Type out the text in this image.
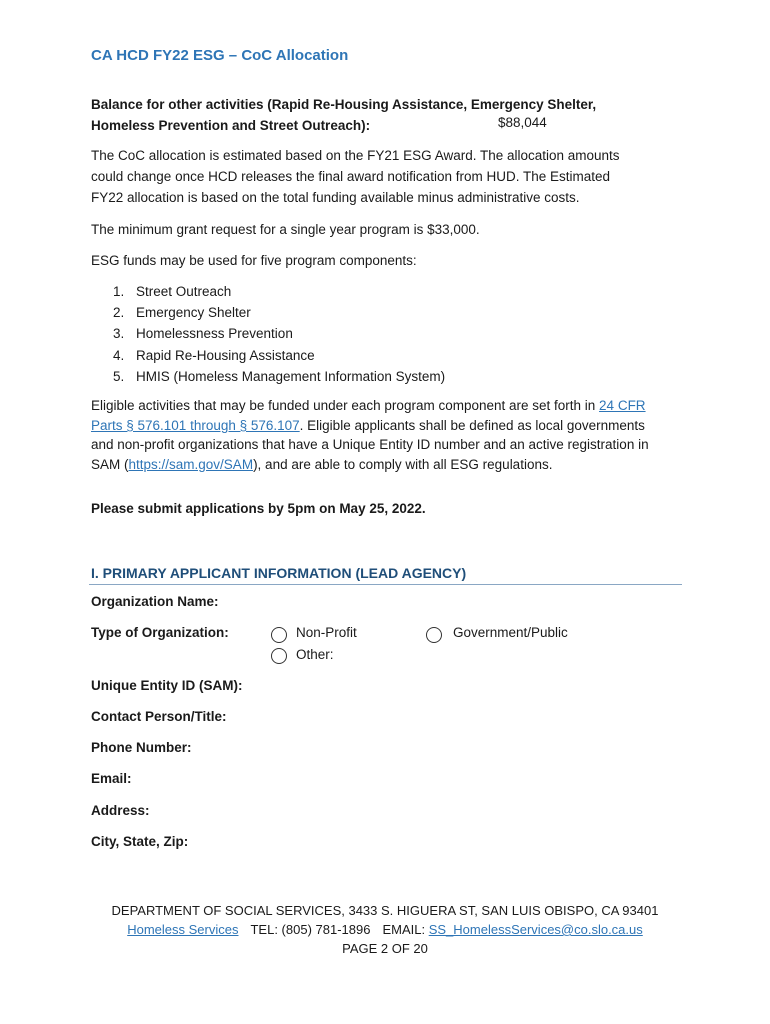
CA HCD FY22 ESG – CoC Allocation
Balance for other activities (Rapid Re-Housing Assistance, Emergency Shelter,
Homeless Prevention and Street Outreach):	$88,044
The CoC allocation is estimated based on the FY21 ESG Award. The allocation amounts
could change once HCD releases the final award notification from HUD. The Estimated
FY22 allocation is based on the total funding available minus administrative costs.
The minimum grant request for a single year program is $33,000.
ESG funds may be used for five program components:
1. Street Outreach
2. Emergency Shelter
3. Homelessness Prevention
4. Rapid Re-Housing Assistance
5. HMIS (Homeless Management Information System)
Eligible activities that may be funded under each program component are set forth in 24 CFR Parts § 576.101 through § 576.107. Eligible applicants shall be defined as local governments and non-profit organizations that have a Unique Entity ID number and an active registration in SAM (https://sam.gov/SAM), and are able to comply with all ESG regulations.
Please submit applications by 5pm on May 25, 2022.
I. PRIMARY APPLICANT INFORMATION (LEAD AGENCY)
Organization Name:
Type of Organization:	Non-Profit	Government/Public
Other:
Unique Entity ID (SAM):
Contact Person/Title:
Phone Number:
Email:
Address:
City, State, Zip:
DEPARTMENT OF SOCIAL SERVICES, 3433 S. HIGUERA ST, SAN LUIS OBISPO, CA 93401
Homeless Services TEL: (805) 781-1896 EMAIL: SS_HomelessServices@co.slo.ca.us
PAGE 2 OF 20
